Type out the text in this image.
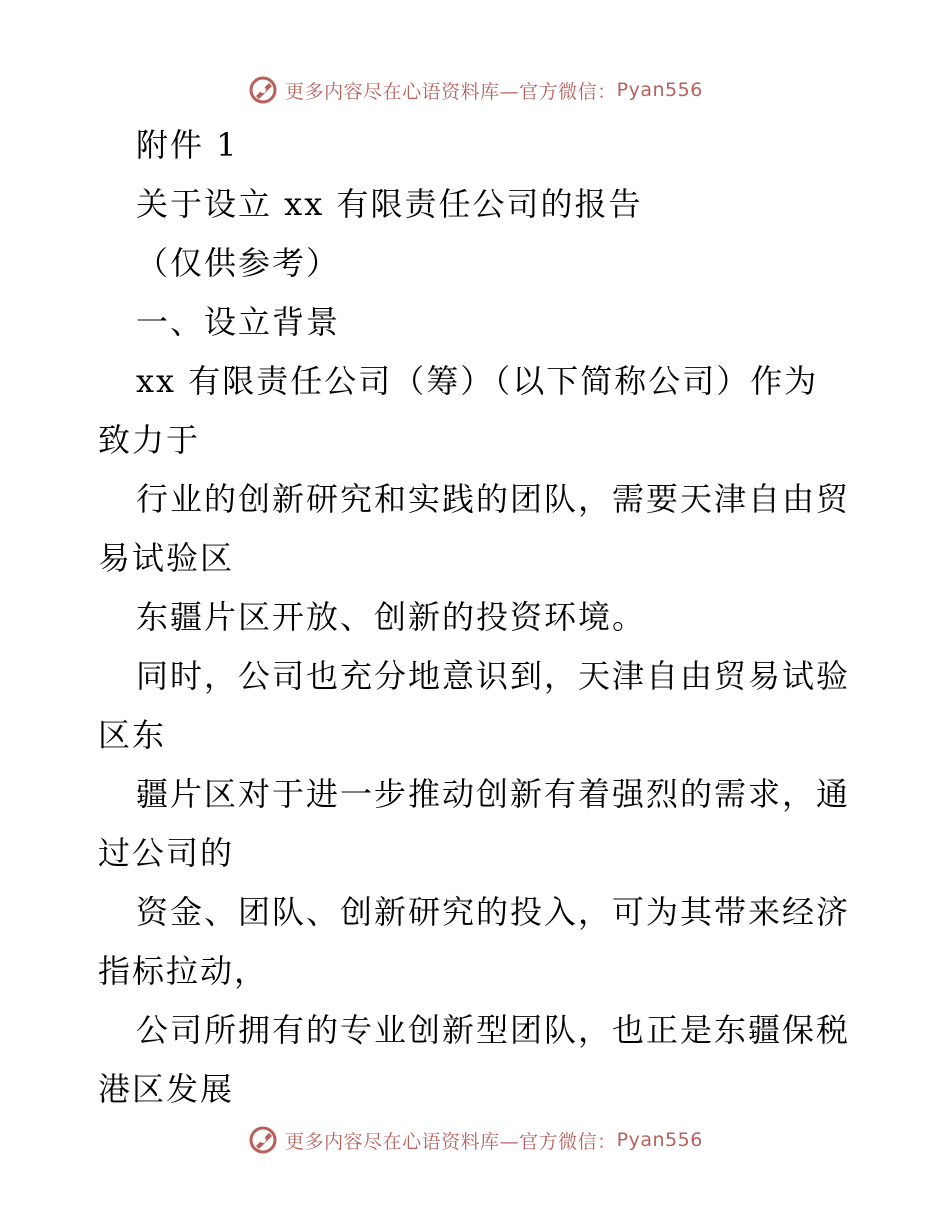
更多内容尽在心语资料库—官方微信： Pyan556
附件 1
关于设立 xx 有限责任公司的报告
（仅供参考）
一、设立背景
xx 有限责任公司（筹）（以下简称公司）作为
致力于
行业的创新研究和实践的团队，需要天津自由贸
易试验区
东疆片区开放、创新的投资环境。
同时，公司也充分地意识到，天津自由贸易试验
区东
疆片区对于进一步推动创新有着强烈的需求，通
过公司的
资金、团队、创新研究的投入，可为其带来经济
指标拉动，
公司所拥有的专业创新型团队，也正是东疆保税
港区发展
更多内容尽在心语资料库—官方微信： Pyan556
